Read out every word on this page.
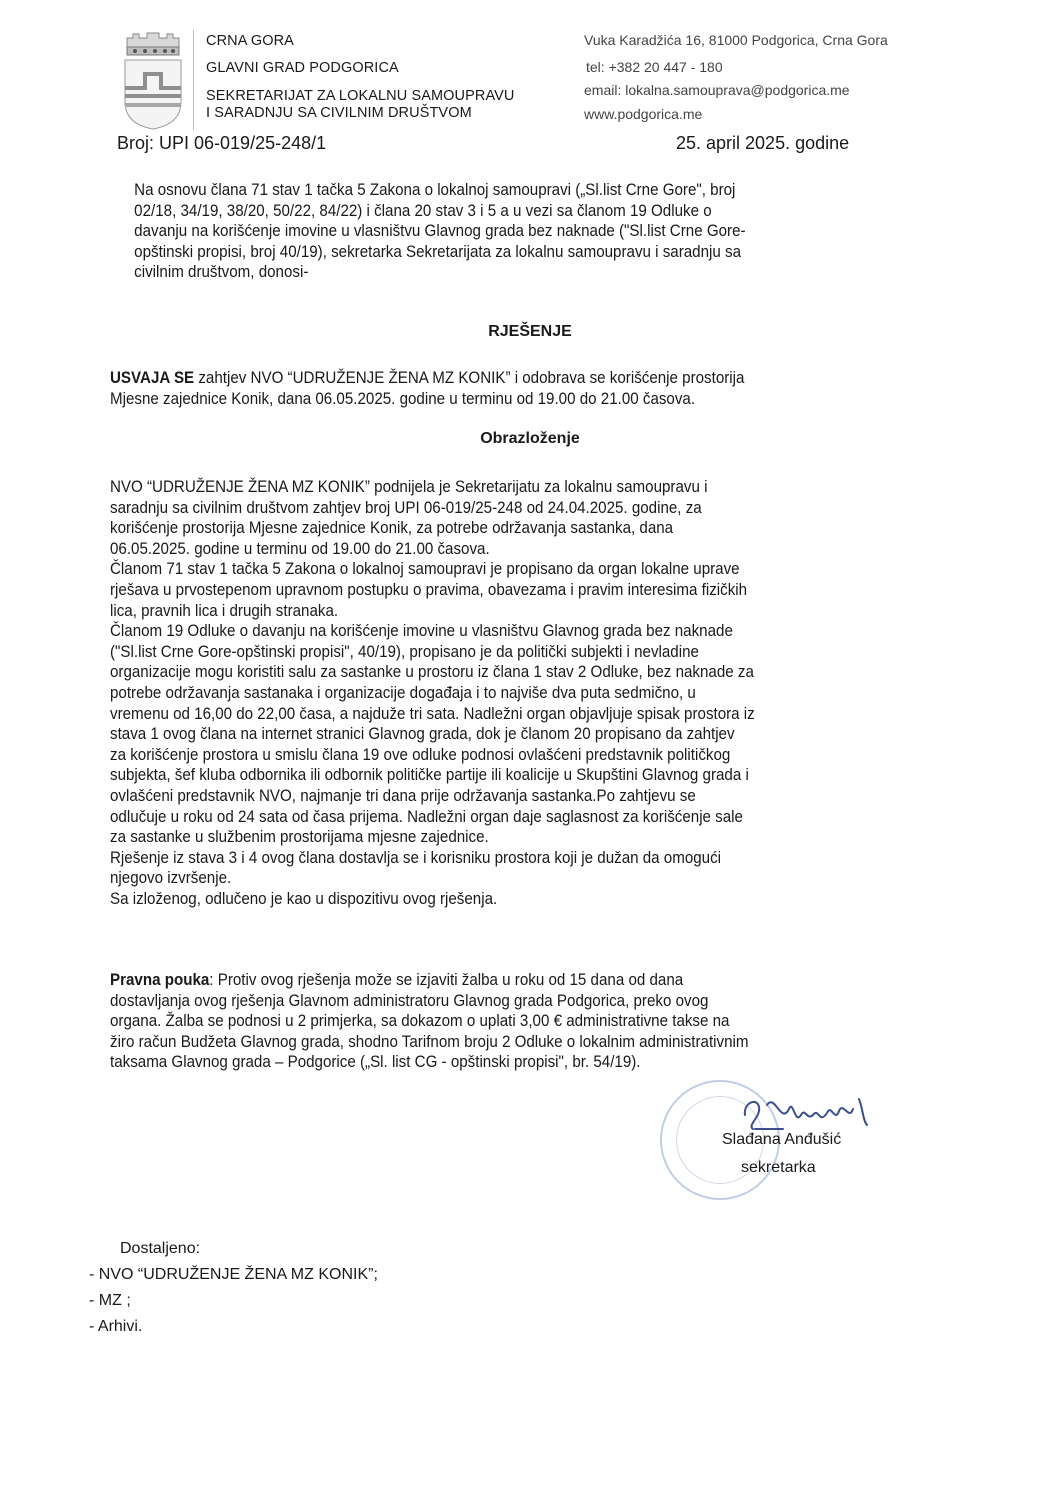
CRNA GORA
GLAVNI GRAD PODGORICA
SEKRETARIJAT ZA LOKALNU SAMOUPRAVU
I SARADNJU SA CIVILNIM DRUŠTVOM
Vuka Karadžića 16, 81000 Podgorica, Crna Gora
tel: +382 20 447 - 180
email: lokalna.samouprava@podgorica.me
www.podgorica.me
Broj: UPI 06-019/25-248/1	25. april 2025. godine
Na osnovu člana 71 stav 1 tačka 5 Zakona o lokalnoj samoupravi („Sl.list Crne Gore", broj
02/18, 34/19, 38/20, 50/22, 84/22) i člana 20 stav 3 i 5 a u vezi sa članom 19 Odluke o
davanju na korišćenje imovine u vlasništvu Glavnog grada bez naknade ("Sl.list Crne Gore-
opštinski propisi, broj 40/19), sekretarka Sekretarijata za lokalnu samoupravu i saradnju sa
civilnim društvom, donosi-
RJEŠENJE
USVAJA SE zahtjev NVO “UDRUŽENJE ŽENA MZ KONIK” i odobrava se korišćenje prostorija
Mjesne zajednice Konik, dana 06.05.2025. godine u terminu od 19.00 do 21.00 časova.
Obrazloženje
NVO “UDRUŽENJE ŽENA MZ KONIK” podnijela je Sekretarijatu za lokalnu samoupravu i
saradnju sa civilnim društvom zahtjev broj UPI 06-019/25-248 od 24.04.2025. godine, za
korišćenje prostorija Mjesne zajednice Konik, za potrebe održavanja sastanka, dana
06.05.2025. godine u terminu od 19.00 do 21.00 časova.
Članom 71 stav 1 tačka 5 Zakona o lokalnoj samoupravi je propisano da organ lokalne uprave
rješava u prvostepenom upravnom postupku o pravima, obavezama i pravim interesima fizičkih
lica, pravnih lica i drugih stranaka.
Članom 19 Odluke o davanju na korišćenje imovine u vlasništvu Glavnog grada bez naknade
("Sl.list Crne Gore-opštinski propisi", 40/19), propisano je da politički subjekti i nevladine
organizacije mogu koristiti salu za sastanke u prostoru iz člana 1 stav 2 Odluke, bez naknade za
potrebe održavanja sastanaka i organizacije događaja i to najviše dva puta sedmično, u
vremenu od 16,00 do 22,00 časa, a najduže tri sata. Nadležni organ objavljuje spisak prostora iz
stava 1 ovog člana na internet stranici Glavnog grada, dok je članom 20 propisano da zahtjev
za korišćenje prostora u smislu člana 19 ove odluke podnosi ovlašćeni predstavnik političkog
subjekta, šef kluba odbornika ili odbornik političke partije ili koalicije u Skupštini Glavnog grada i
ovlašćeni predstavnik NVO, najmanje tri dana prije održavanja sastanka.Po zahtjevu se
odlučuje u roku od 24 sata od časa prijema. Nadležni organ daje saglasnost za korišćenje sale
za sastanke u službenim prostorijama mjesne zajednice.
Rješenje iz stava 3 i 4 ovog člana dostavlja se i korisniku prostora koji je dužan da omogući
njegovo izvršenje.
Sa izloženog, odlučeno je kao u dispozitivu ovog rješenja.
Pravna pouka: Protiv ovog rješenja može se izjaviti žalba u roku od 15 dana od dana
dostavljanja ovog rješenja Glavnom administratoru Glavnog grada Podgorica, preko ovog
organa. Žalba se podnosi u 2 primjerka, sa dokazom o uplati 3,00 € administrativne takse na
žiro račun Budžeta Glavnog grada, shodno Tarifnom broju 2 Odluke o lokalnim administrativnim
taksama Glavnog grada – Podgorice („Sl. list CG - opštinski propisi", br. 54/19).
Slađana Anđušić
sekretarka
Dostaljeno:
- NVO “UDRUŽENJE ŽENA MZ KONIK”;
- MZ ;
- Arhivi.
